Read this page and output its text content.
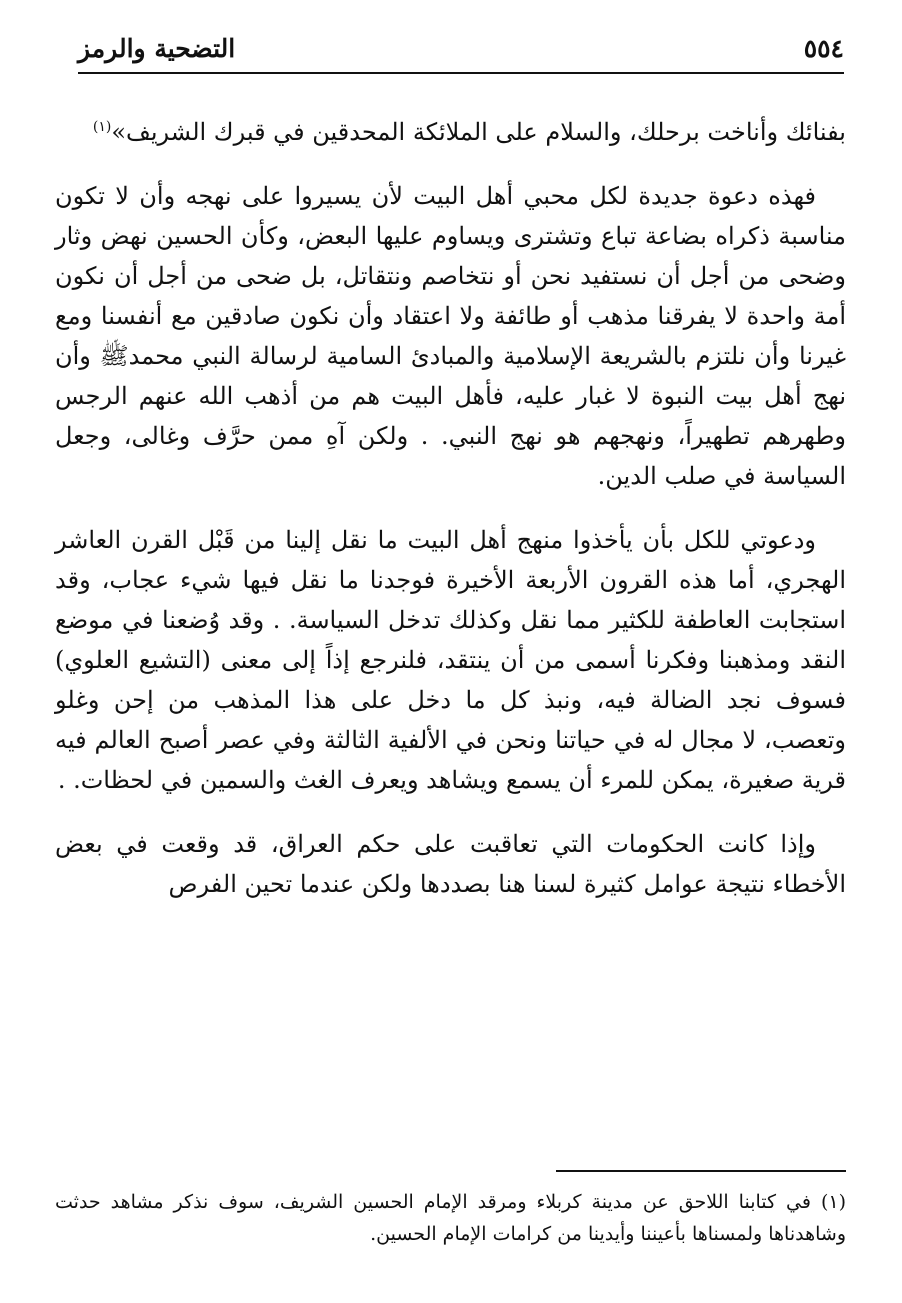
٥٥٤
التضحية والرمز

بفنائك وأناخت برحلك، والسلام على الملائكة المحدقين في قبرك الشريف»$^{(١)}$

فهذه دعوة جديدة لكل محبي أهل البيت لأن يسيروا على نهجه وأن لا تكون مناسبة ذكراه بضاعة تباع وتشترى ويساوم عليها البعض، وكأن الحسين نهض وثار وضحى من أجل أن نستفيد نحن أو نتخاصم ونتقاتل، بل ضحى من أجل أن نكون أمة واحدة لا يفرقنا مذهب أو طائفة ولا اعتقاد وأن نكون صادقين مع أنفسنا ومع غيرنا وأن نلتزم بالشريعة الإسلامية والمبادئ السامية لرسالة النبي محمدﷺ وأن نهج أهل بيت النبوة لا غبار عليه، فأهل البيت هم من أذهب الله عنهم الرجس وطهرهم تطهيراً، ونهجهم هو نهج النبي. . ولكن آهِ ممن حرَّف وغالى، وجعل السياسة في صلب الدين.

ودعوتي للكل بأن يأخذوا منهج أهل البيت ما نقل إلينا من قَبْل القرن العاشر الهجري، أما هذه القرون الأربعة الأخيرة فوجدنا ما نقل فيها شيء عجاب، وقد استجابت العاطفة للكثير مما نقل وكذلك تدخل السياسة. . وقد وُضعنا في موضع النقد ومذهبنا وفكرنا أسمى من أن ينتقد، فلنرجع إذاً إلى معنى (التشيع العلوي) فسوف نجد الضالة فيه، ونبذ كل ما دخل على هذا المذهب من إحن وغلو وتعصب، لا مجال له في حياتنا ونحن في الألفية الثالثة وفي عصر أصبح العالم فيه قرية صغيرة، يمكن للمرء أن يسمع ويشاهد ويعرف الغث والسمين في لحظات. .

وإذا كانت الحكومات التي تعاقبت على حكم العراق، قد وقعت في بعض الأخطاء نتيجة عوامل كثيرة لسنا هنا بصددها ولكن عندما تحين الفرص

(١) في كتابنا اللاحق عن مدينة كربلاء ومرقد الإمام الحسين الشريف، سوف نذكر مشاهد حدثت وشاهدناها ولمسناها بأعيننا وأيدينا من كرامات الإمام الحسين.
